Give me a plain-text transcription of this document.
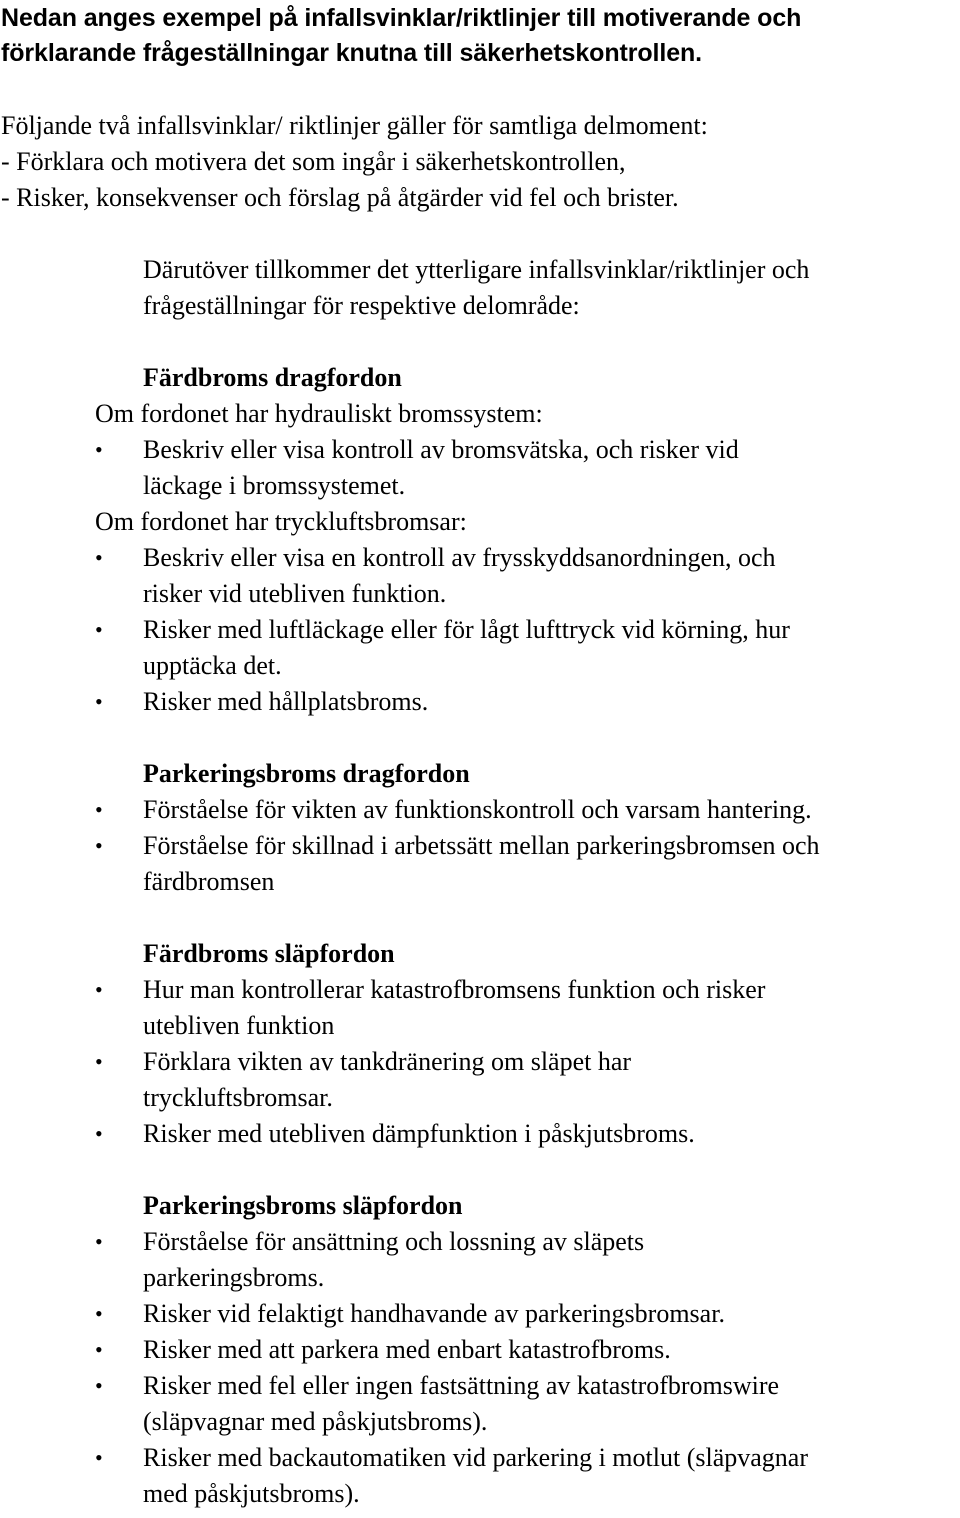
Nedan anges exempel på infallsvinklar/riktlinjer till motiverande och
förklarande frågeställningar knutna till säkerhetskontrollen.
Följande två infallsvinklar/ riktlinjer gäller för samtliga delmoment:
- Förklara och motivera det som ingår i säkerhetskontrollen,
- Risker, konsekvenser och förslag på åtgärder vid fel och brister.
Därutöver tillkommer det ytterligare infallsvinklar/riktlinjer och
frågeställningar för respektive delområde:
Färdbroms dragfordon
Om fordonet har hydrauliskt bromssystem:
• Beskriv eller visa kontroll av bromsvätska, och risker vid
läckage i bromssystemet.
Om fordonet har tryckluftsbromsar:
• Beskriv eller visa en kontroll av frysskyddsanordningen, och
risker vid utebliven funktion.
• Risker med luftläckage eller för lågt lufttryck vid körning, hur
upptäcka det.
• Risker med hållplatsbroms.
Parkeringsbroms dragfordon
• Förståelse för vikten av funktionskontroll och varsam hantering.
• Förståelse för skillnad i arbetssätt mellan parkeringsbromsen och
färdbromsen
Färdbroms släpfordon
• Hur man kontrollerar katastrofbromsens funktion och risker
utebliven funktion
• Förklara vikten av tankdränering om släpet har
tryckluftsbromsar.
• Risker med utebliven dämpfunktion i påskjutsbroms.
Parkeringsbroms släpfordon
• Förståelse för ansättning och lossning av släpets
parkeringsbroms.
• Risker vid felaktigt handhavande av parkeringsbromsar.
• Risker med att parkera med enbart katastrofbroms.
• Risker med fel eller ingen fastsättning av katastrofbromswire
(släpvagnar med påskjutsbroms).
• Risker med backautomatiken vid parkering i motlut (släpvagnar
med påskjutsbroms).
